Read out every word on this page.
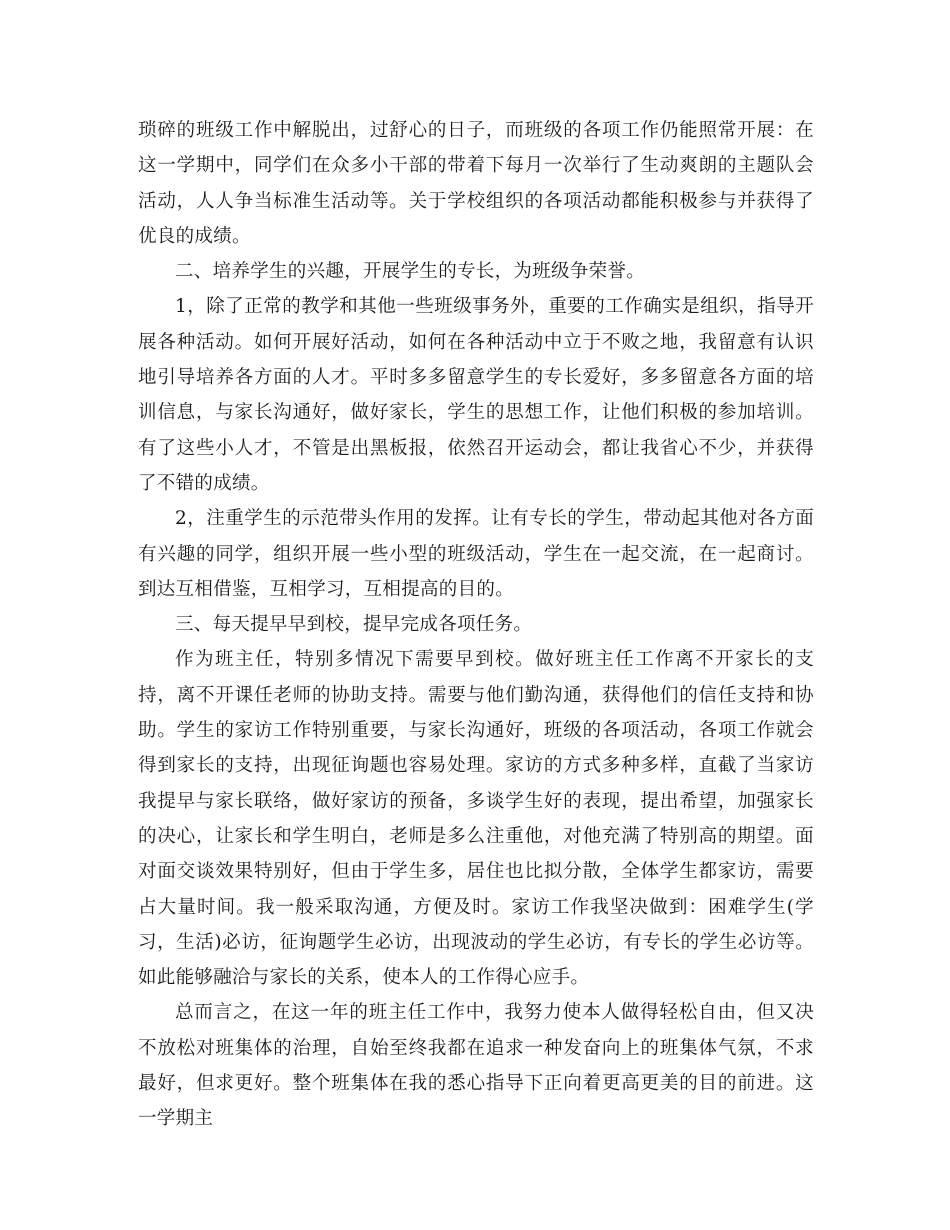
琐碎的班级工作中解脱出，过舒心的日子，而班级的各项工作仍能照常开展：在这一学期中，同学们在众多小干部的带着下每月一次举行了生动爽朗的主题队会活动，人人争当标准生活动等。关于学校组织的各项活动都能积极参与并获得了优良的成绩。

二、培养学生的兴趣，开展学生的专长，为班级争荣誉。

1，除了正常的教学和其他一些班级事务外，重要的工作确实是组织，指导开展各种活动。如何开展好活动，如何在各种活动中立于不败之地，我留意有认识地引导培养各方面的人才。平时多多留意学生的专长爱好，多多留意各方面的培训信息，与家长沟通好，做好家长，学生的思想工作，让他们积极的参加培训。有了这些小人才，不管是出黑板报，依然召开运动会，都让我省心不少，并获得了不错的成绩。

2，注重学生的示范带头作用的发挥。让有专长的学生，带动起其他对各方面有兴趣的同学，组织开展一些小型的班级活动，学生在一起交流，在一起商讨。到达互相借鉴，互相学习，互相提高的目的。

三、每天提早早到校，提早完成各项任务。

作为班主任，特别多情况下需要早到校。做好班主任工作离不开家长的支持，离不开课任老师的协助支持。需要与他们勤沟通，获得他们的信任支持和协助。学生的家访工作特别重要，与家长沟通好，班级的各项活动，各项工作就会得到家长的支持，出现征询题也容易处理。家访的方式多种多样，直截了当家访我提早与家长联络，做好家访的预备，多谈学生好的表现，提出希望，加强家长的决心，让家长和学生明白，老师是多么注重他，对他充满了特别高的期望。面对面交谈效果特别好，但由于学生多，居住也比拟分散，全体学生都家访，需要占大量时间。我一般采取沟通，方便及时。家访工作我坚决做到：困难学生(学习，生活)必访，征询题学生必访，出现波动的学生必访，有专长的学生必访等。如此能够融洽与家长的关系，使本人的工作得心应手。

总而言之，在这一年的班主任工作中，我努力使本人做得轻松自由，但又决不放松对班集体的治理，自始至终我都在追求一种发奋向上的班集体气氛，不求最好，但求更好。整个班集体在我的悉心指导下正向着更高更美的目的前进。这一学期主
